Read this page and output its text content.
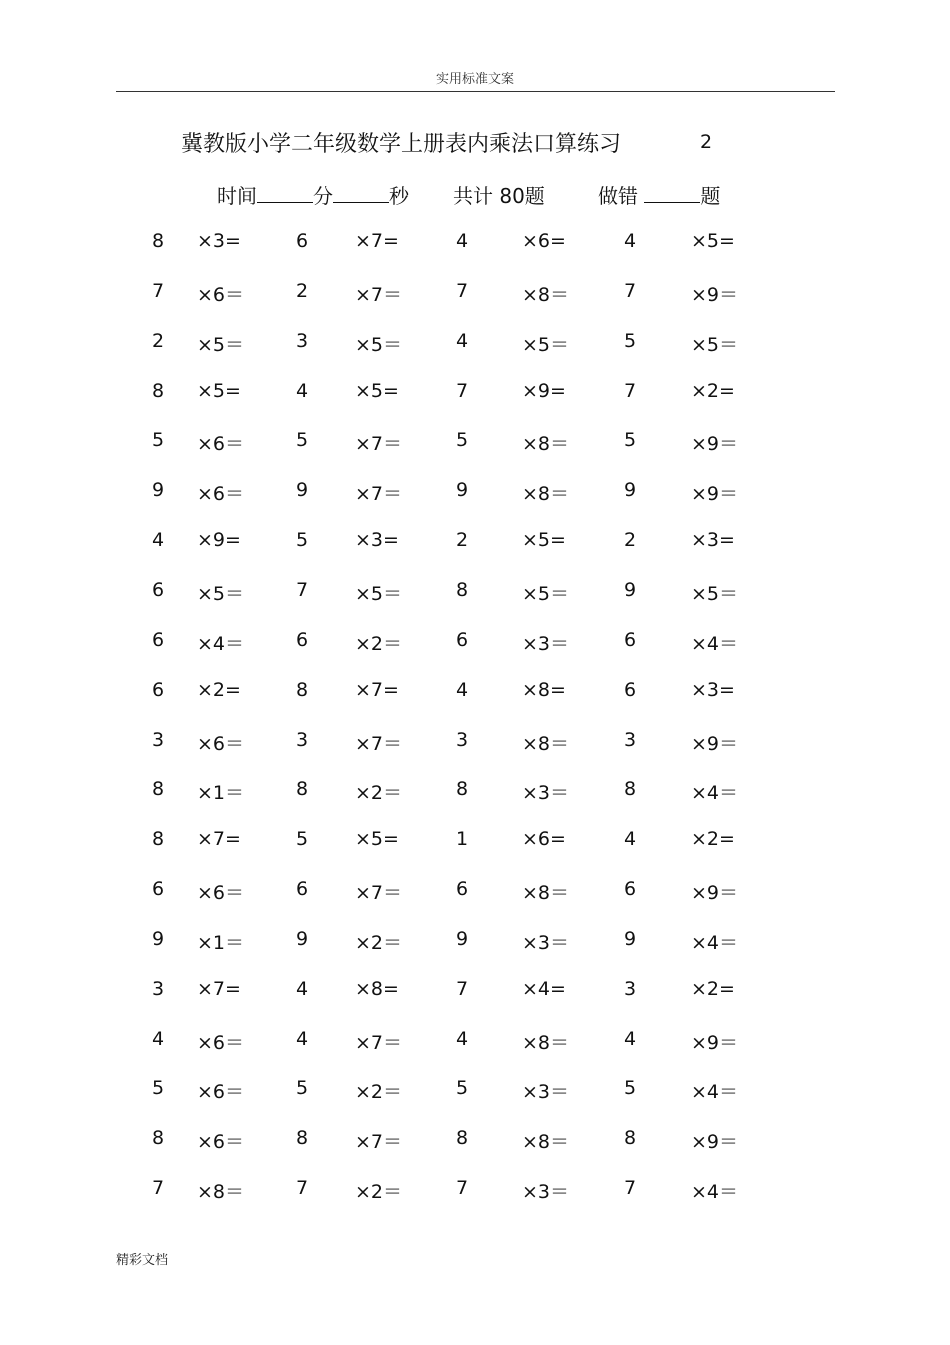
实用标准文案
冀教版小学二年级数学上册表内乘法口算练习	2
时间	分	秒 共计 80题	做错	题
8 ×3=	6 ×7=	4	×6=	4	×5=
7 ×6＝	2 ×7＝	7	×8＝	7	×9＝
2 ×5＝	3 ×5＝	4	×5＝	5	×5＝
8 ×5=	4 ×5=	7	×9=	7	×2=
5 ×6＝	5 ×7＝	5	×8＝	5	×9＝
9 ×6＝	9 ×7＝	9	×8＝	9	×9＝
4 ×9=	5 ×3=	2	×5=	2	×3=
6 ×5＝	7 ×5＝	8	×5＝	9	×5＝
6 ×4＝	6 ×2＝	6	×3＝	6	×4＝
6 ×2=	8 ×7=	4	×8=	6	×3=
3 ×6＝	3 ×7＝	3	×8＝	3	×9＝
8 ×1＝	8 ×2＝	8	×3＝	8	×4＝
8 ×7=	5 ×5=	1	×6=	4	×2=
6 ×6＝	6 ×7＝	6	×8＝	6	×9＝
9 ×1＝	9 ×2＝	9	×3＝	9	×4＝
3 ×7=	4 ×8=	7	×4=	3	×2=
4 ×6＝	4 ×7＝	4	×8＝	4	×9＝
5 ×6＝	5 ×2＝	5	×3＝	5	×4＝
8 ×6＝	8 ×7＝	8	×8＝	8	×9＝
7 ×8＝	7 ×2＝	7	×3＝	7	×4＝
精彩文档
